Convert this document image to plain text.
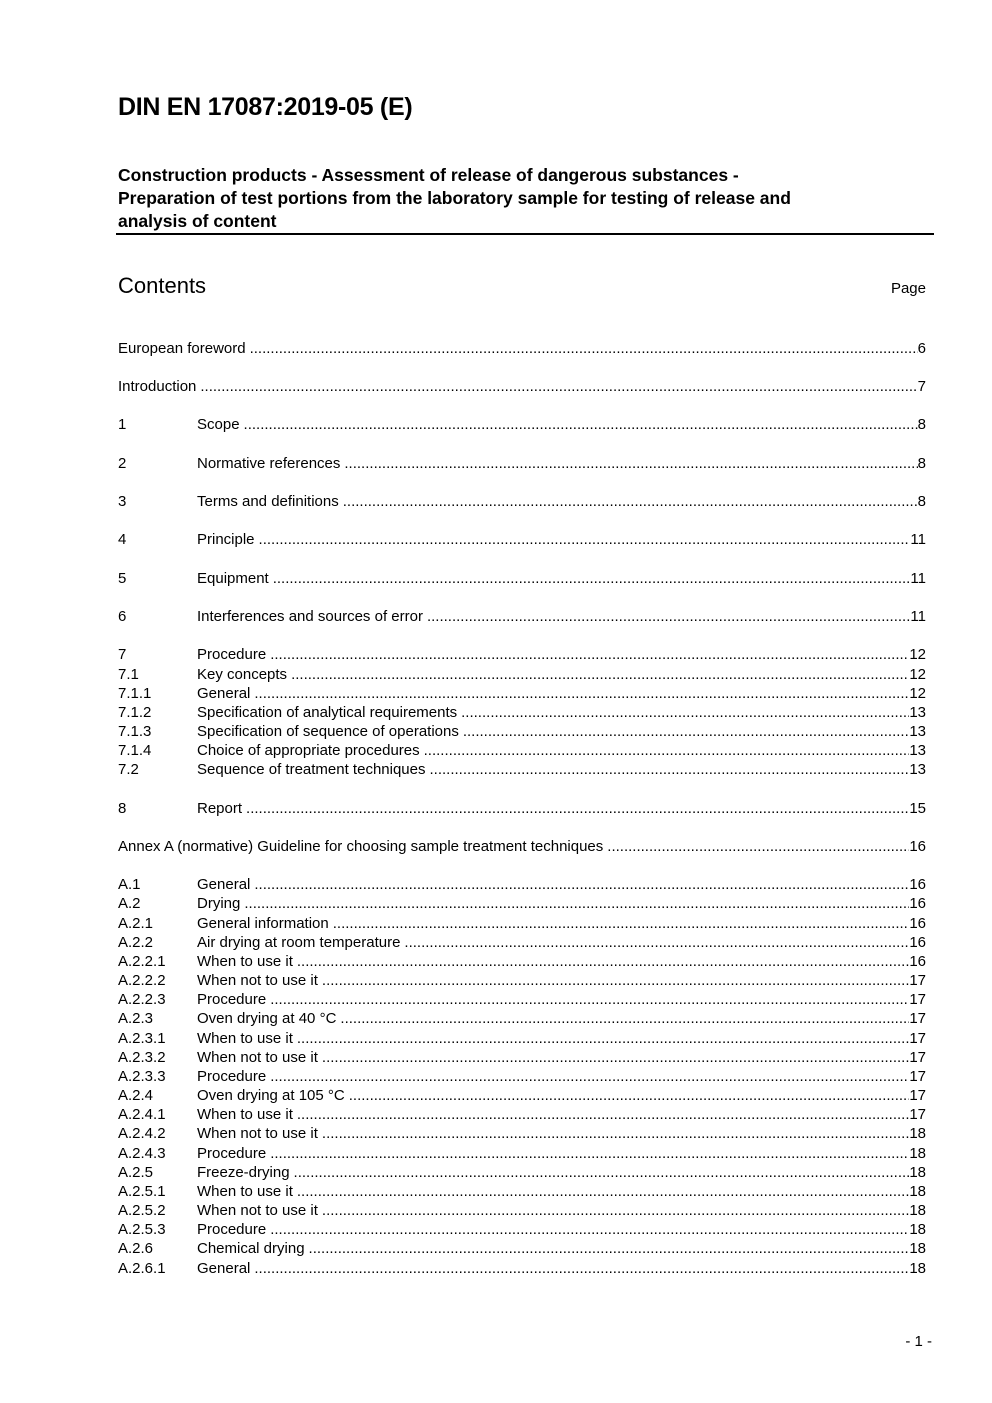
DIN EN 17087:2019-05 (E)
Construction products - Assessment of release of dangerous substances -
Preparation of test portions from the laboratory sample for testing of release and
analysis of content
Contents	Page
European foreword .....	6
Introduction .....	7
1	Scope .....	8
2	Normative references .....	8
3	Terms and definitions .....	8
4	Principle .....	11
5	Equipment .....	11
6	Interferences and sources of error .....	11
7	Procedure .....	12
7.1	Key concepts .....	12
7.1.1	General .....	12
7.1.2	Specification of analytical requirements .....	13
7.1.3	Specification of sequence of operations .....	13
7.1.4	Choice of appropriate procedures .....	13
7.2	Sequence of treatment techniques .....	13
8	Report .....	15
Annex A (normative) Guideline for choosing sample treatment techniques .....	16
A.1	General .....	16
A.2	Drying .....	16
A.2.1	General information .....	16
A.2.2	Air drying at room temperature .....	16
A.2.2.1	When to use it .....	16
A.2.2.2	When not to use it .....	17
A.2.2.3	Procedure .....	17
A.2.3	Oven drying at 40 °C .....	17
A.2.3.1	When to use it .....	17
A.2.3.2	When not to use it .....	17
A.2.3.3	Procedure .....	17
A.2.4	Oven drying at 105 °C .....	17
A.2.4.1	When to use it .....	17
A.2.4.2	When not to use it .....	18
A.2.4.3	Procedure .....	18
A.2.5	Freeze-drying .....	18
A.2.5.1	When to use it .....	18
A.2.5.2	When not to use it .....	18
A.2.5.3	Procedure .....	18
A.2.6	Chemical drying .....	18
A.2.6.1	General .....	18
- 1 -
